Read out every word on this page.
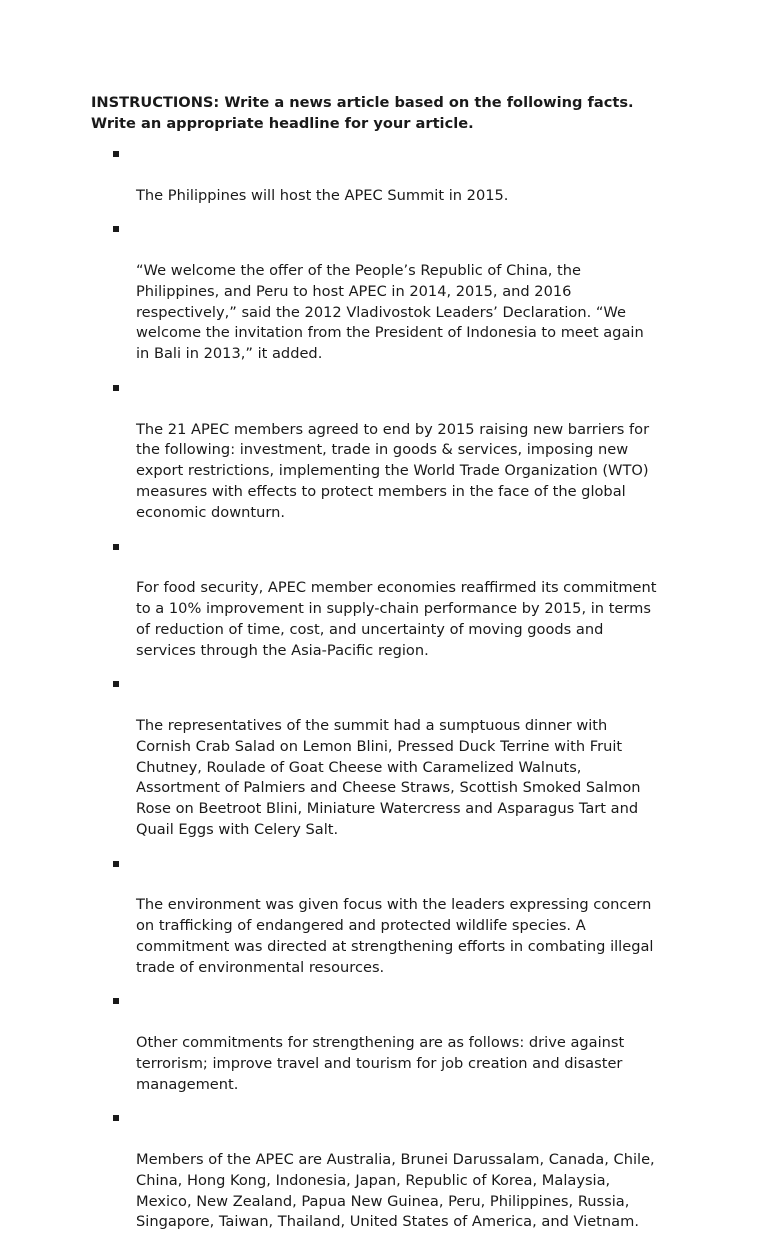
INSTRUCTIONS: Write a news article based on the following facts.
Write an appropriate headline for your article.

The Philippines will host the APEC Summit in 2015.

“We welcome the offer of the People’s Republic of China, the
Philippines, and Peru to host APEC in 2014, 2015, and 2016
respectively,” said the 2012 Vladivostok Leaders’ Declaration. “We
welcome the invitation from the President of Indonesia to meet again
in Bali in 2013,” it added.

The 21 APEC members agreed to end by 2015 raising new barriers for
the following: investment, trade in goods & services, imposing new
export restrictions, implementing the World Trade Organization (WTO)
measures with effects to protect members in the face of the global
economic downturn.

For food security, APEC member economies reaffirmed its commitment
to a 10% improvement in supply-chain performance by 2015, in terms
of reduction of time, cost, and uncertainty of moving goods and
services through the Asia-Pacific region.

The representatives of the summit had a sumptuous dinner with
Cornish Crab Salad on Lemon Blini, Pressed Duck Terrine with Fruit
Chutney, Roulade of Goat Cheese with Caramelized Walnuts,
Assortment of Palmiers and Cheese Straws, Scottish Smoked Salmon
Rose on Beetroot Blini, Miniature Watercress and Asparagus Tart and
Quail Eggs with Celery Salt.

The environment was given focus with the leaders expressing concern
on trafficking of endangered and protected wildlife species. A
commitment was directed at strengthening efforts in combating illegal
trade of environmental resources.

Other commitments for strengthening are as follows: drive against
terrorism; improve travel and tourism for job creation and disaster
management.

Members of the APEC are Australia, Brunei Darussalam, Canada, Chile,
China, Hong Kong, Indonesia, Japan, Republic of Korea, Malaysia,
Mexico, New Zealand, Papua New Guinea, Peru, Philippines, Russia,
Singapore, Taiwan, Thailand, United States of America, and Vietnam.
